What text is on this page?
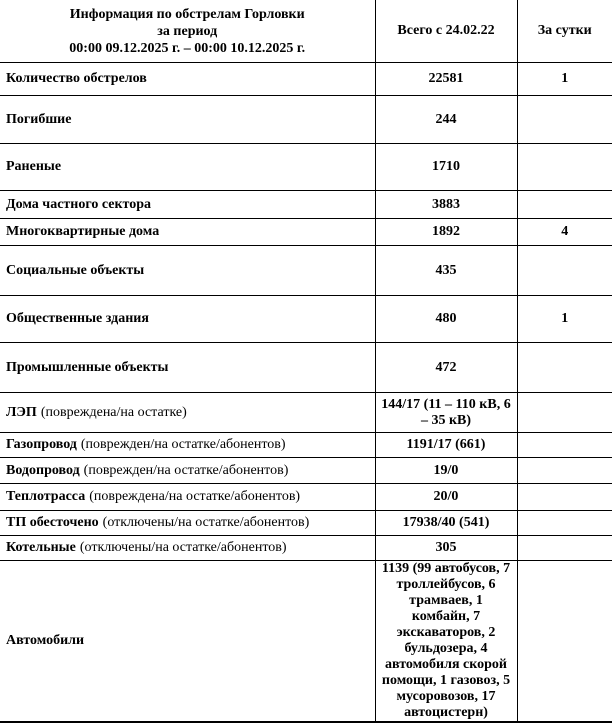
Информация по обстрелам Горловки
за период
00:00 09.12.2025 г. – 00:00 10.12.2025 г.	Всего с 24.02.22	За сутки
Количество обстрелов	22581	1
Погибшие	244	
Раненые	1710	
Дома частного сектора	3883	
Многоквартирные дома	1892	4
Социальные объекты	435	
Общественные здания	480	1
Промышленные объекты	472	
ЛЭП (повреждена/на остатке)	144/17 (11 – 110 кВ, 6 – 35 кВ)	
Газопровод (поврежден/на остатке/абонентов)	1191/17 (661)	
Водопровод (поврежден/на остатке/абонентов)	19/0	
Теплотрасса (повреждена/на остатке/абонентов)	20/0	
ТП обесточено (отключены/на остатке/абонентов)	17938/40 (541)	
Котельные (отключены/на остатке/абонентов)	305	
Автомобили	1139 (99 автобусов, 7 троллейбусов, 6 трамваев, 1 комбайн, 7 экскаваторов, 2 бульдозера, 4 автомобиля скорой помощи, 1 газовоз, 5 мусоровозов, 17 автоцистерн)	
